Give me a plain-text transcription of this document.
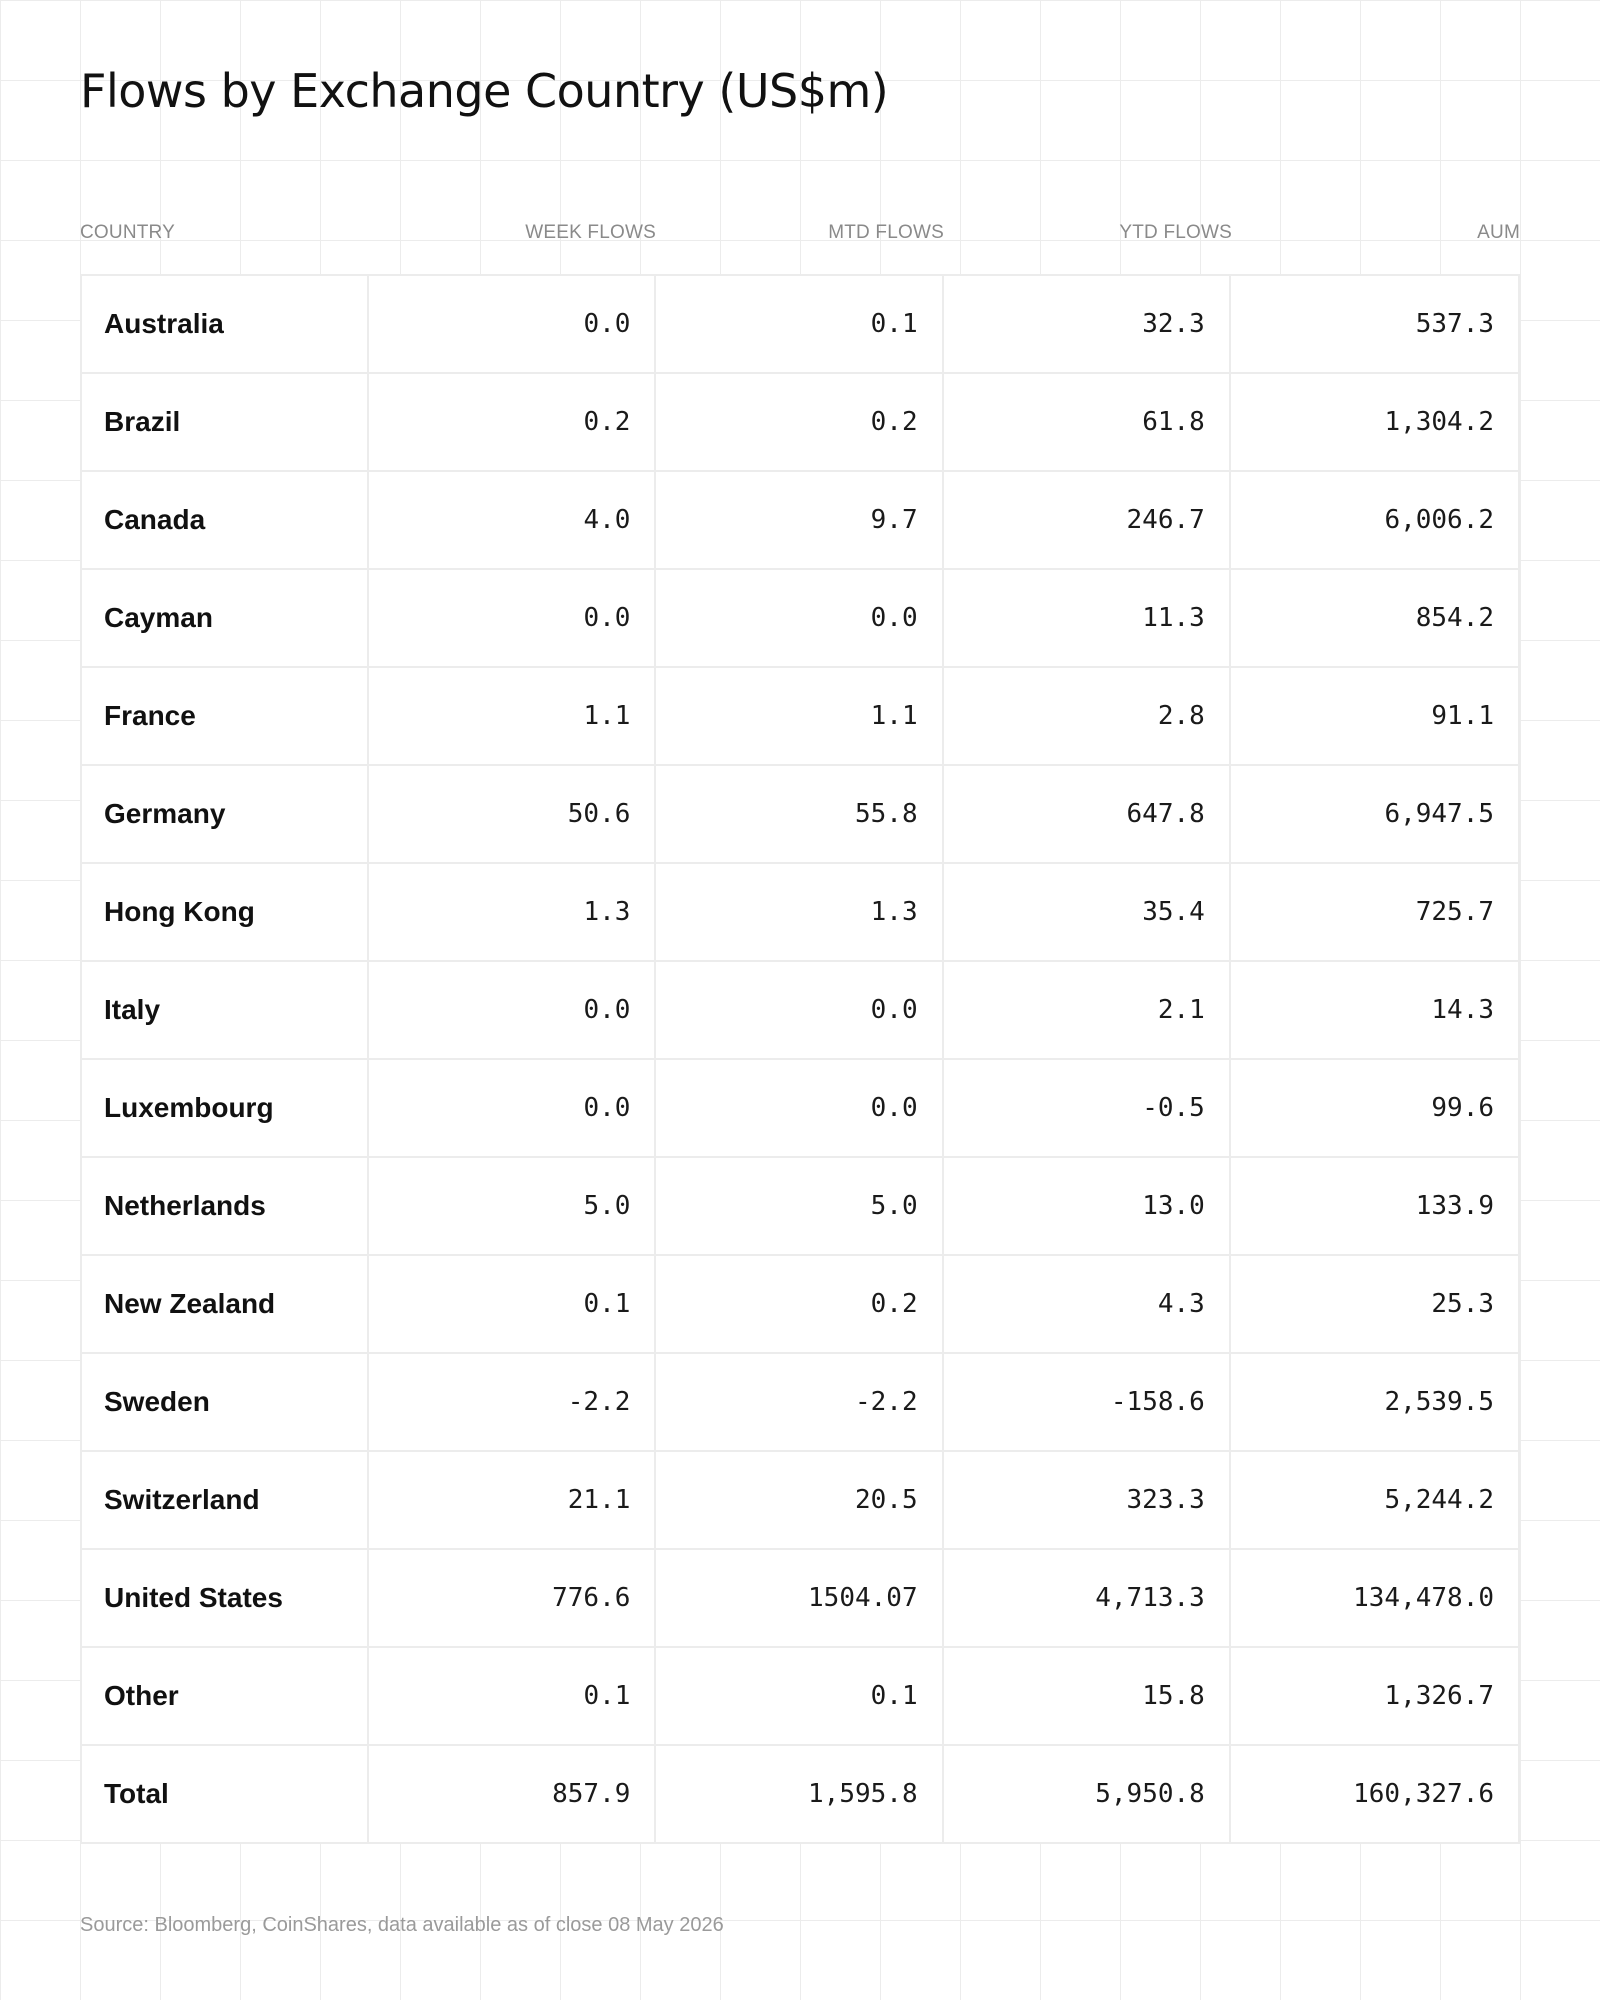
Flows by Exchange Country (US$m)
COUNTRY	WEEK FLOWS	MTD FLOWS	YTD FLOWS	AUM
Australia	0.0	0.1	32.3	537.3
Brazil	0.2	0.2	61.8	1,304.2
Canada	4.0	9.7	246.7	6,006.2
Cayman	0.0	0.0	11.3	854.2
France	1.1	1.1	2.8	91.1
Germany	50.6	55.8	647.8	6,947.5
Hong Kong	1.3	1.3	35.4	725.7
Italy	0.0	0.0	2.1	14.3
Luxembourg	0.0	0.0	-0.5	99.6
Netherlands	5.0	5.0	13.0	133.9
New Zealand	0.1	0.2	4.3	25.3
Sweden	-2.2	-2.2	-158.6	2,539.5
Switzerland	21.1	20.5	323.3	5,244.2
United States	776.6	1504.07	4,713.3	134,478.0
Other	0.1	0.1	15.8	1,326.7
Total	857.9	1,595.8	5,950.8	160,327.6
Source: Bloomberg, CoinShares, data available as of close 08 May 2026
